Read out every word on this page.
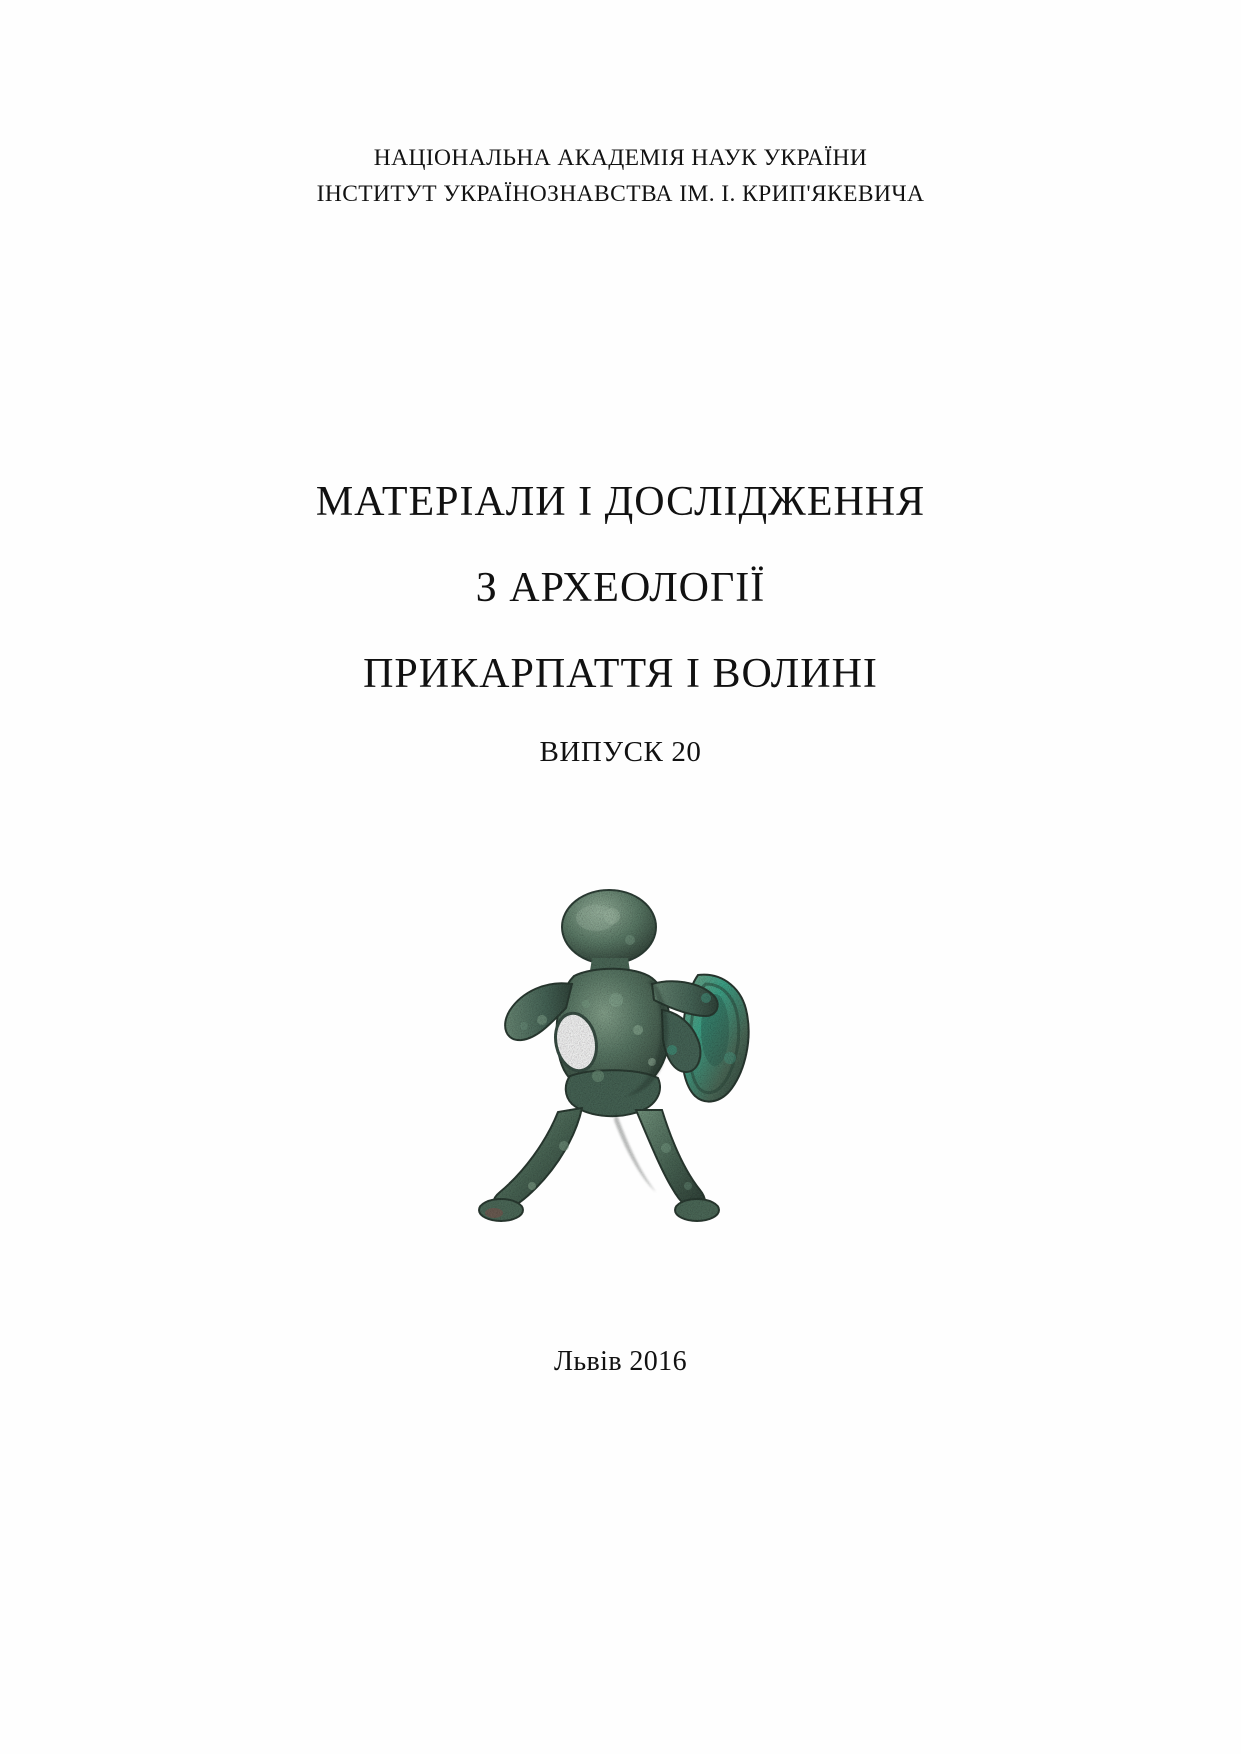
НАЦІОНАЛЬНА АКАДЕМІЯ НАУК УКРАЇНИ
ІНСТИТУТ УКРАЇНОЗНАВСТВА ІМ. І. КРИП'ЯКЕВИЧА
МАТЕРІАЛИ І ДОСЛІДЖЕННЯ
З АРХЕОЛОГІЇ
ПРИКАРПАТТЯ І ВОЛИНІ
ВИПУСК 20
Львів 2016
